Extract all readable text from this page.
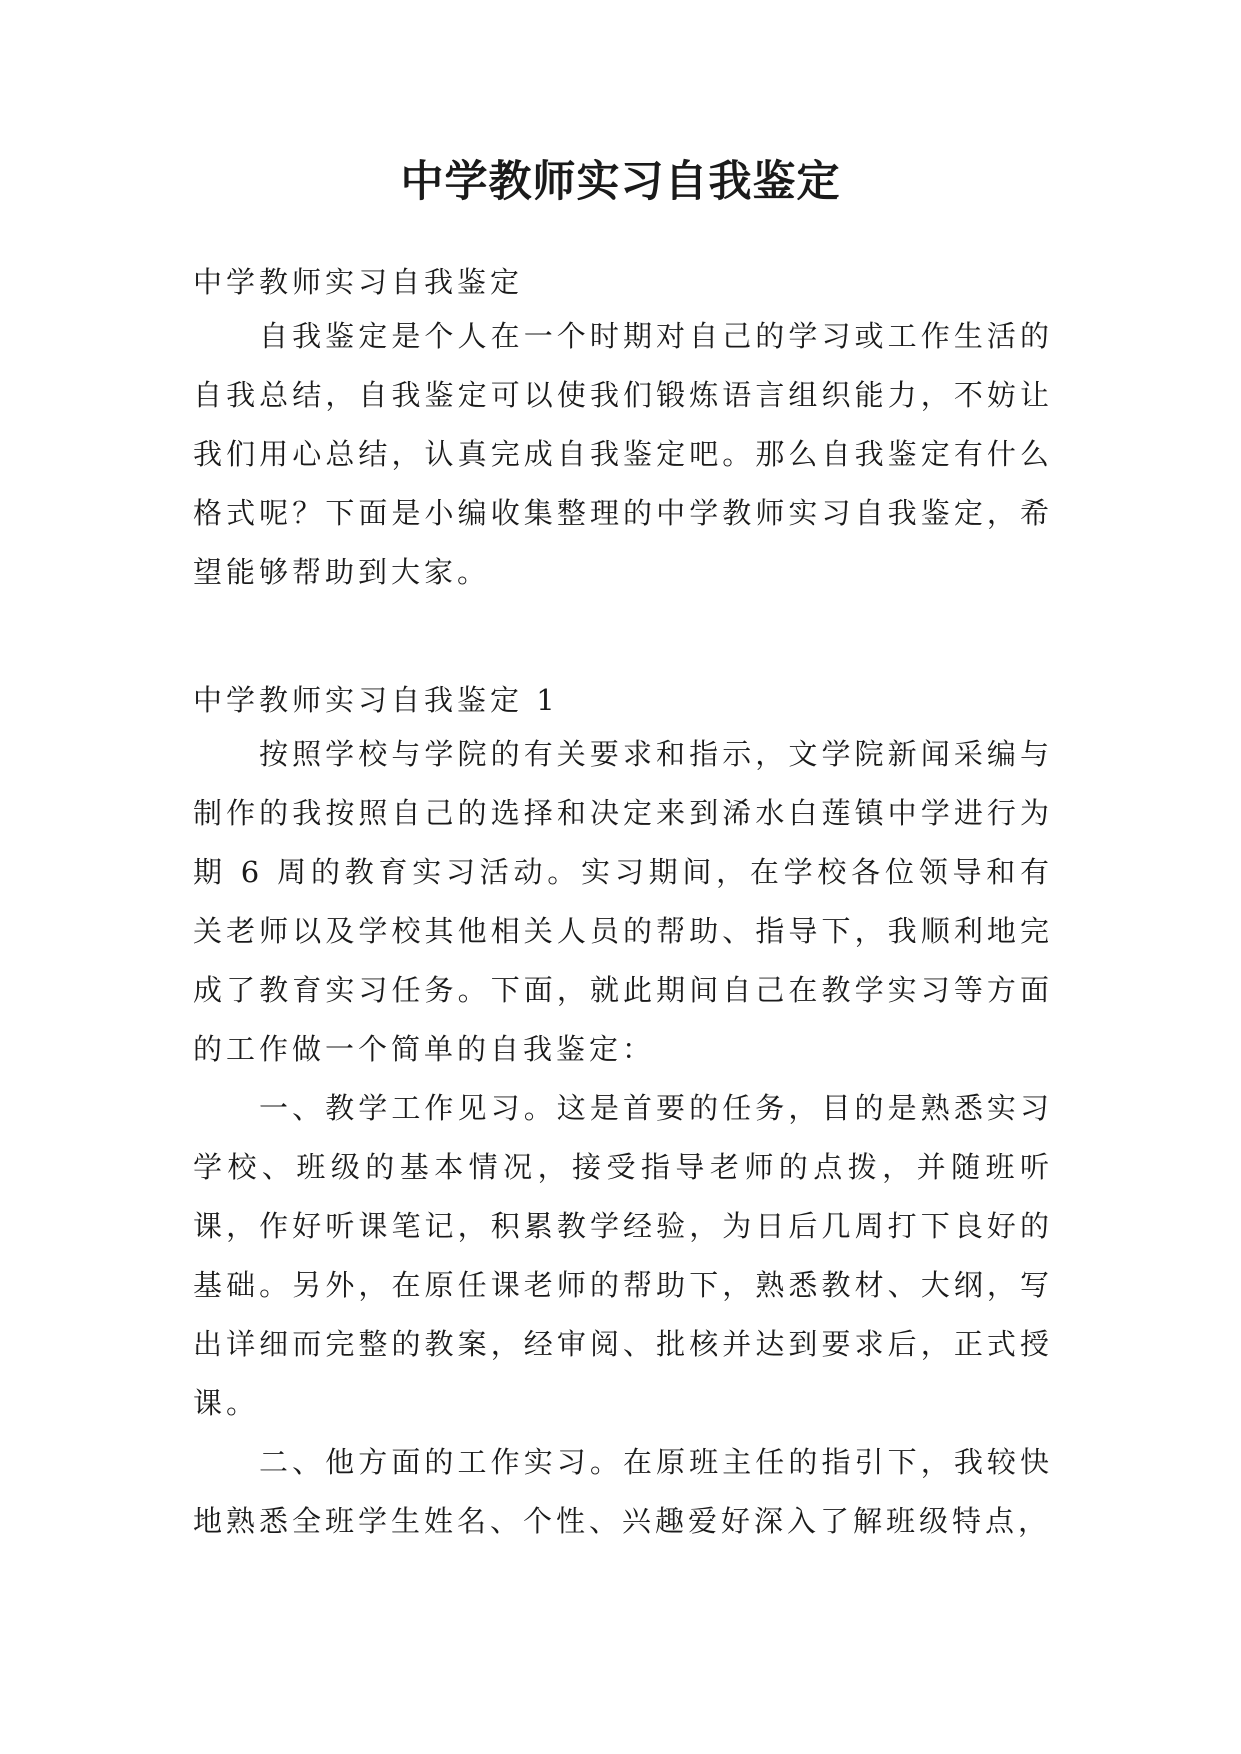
中学教师实习自我鉴定

中学教师实习自我鉴定

自我鉴定是个人在一个时期对自己的学习或工作生活的自我总结，自我鉴定可以使我们锻炼语言组织能力，不妨让我们用心总结，认真完成自我鉴定吧。那么自我鉴定有什么格式呢？下面是小编收集整理的中学教师实习自我鉴定，希望能够帮助到大家。

中学教师实习自我鉴定 1

按照学校与学院的有关要求和指示，文学院新闻采编与制作的我按照自己的选择和决定来到浠水白莲镇中学进行为期 6 周的教育实习活动。实习期间，在学校各位领导和有关老师以及学校其他相关人员的帮助、指导下，我顺利地完成了教育实习任务。下面，就此期间自己在教学实习等方面的工作做一个简单的自我鉴定：

一、教学工作见习。这是首要的任务，目的是熟悉实习学校、班级的基本情况，接受指导老师的点拨，并随班听课，作好听课笔记，积累教学经验，为日后几周打下良好的基础。另外，在原任课老师的帮助下，熟悉教材、大纲，写出详细而完整的教案，经审阅、批核并达到要求后，正式授课。

二、他方面的工作实习。在原班主任的指引下，我较快地熟悉全班学生姓名、个性、兴趣爱好深入了解班级特点，
